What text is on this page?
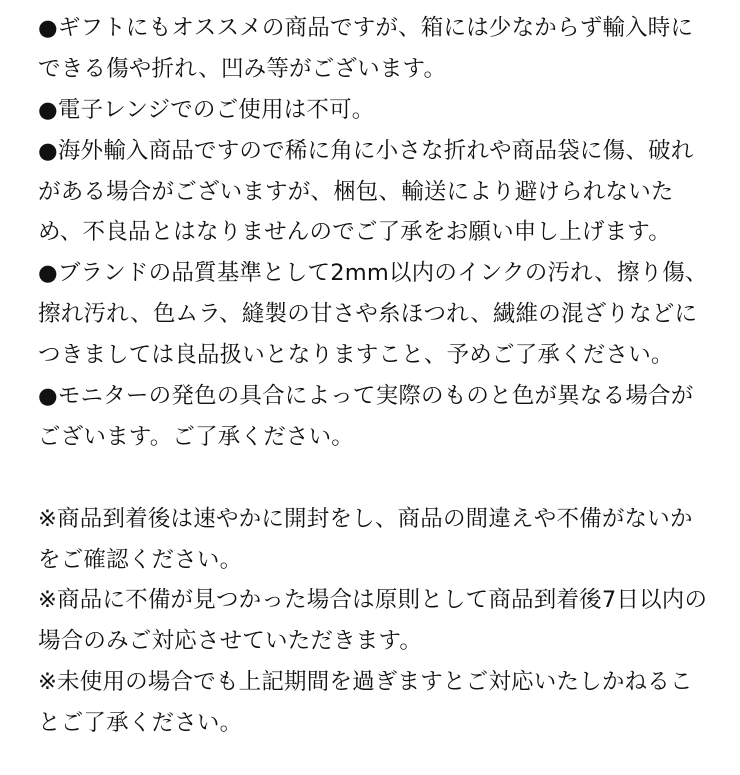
●ギフトにもオススメの商品ですが、箱には少なからず輸入時に
できる傷や折れ、凹み等がございます。
●電子レンジでのご使用は不可。
●海外輸入商品ですので稀に角に小さな折れや商品袋に傷、破れ
がある場合がございますが、梱包、輸送により避けられないた
め、不良品とはなりませんのでご了承をお願い申し上げます。
●ブランドの品質基準として2mm以内のインクの汚れ、擦り傷、
擦れ汚れ、色ムラ、縫製の甘さや糸ほつれ、繊維の混ざりなどに
つきましては良品扱いとなりますこと、予めご了承ください。
●モニターの発色の具合によって実際のものと色が異なる場合が
ございます。ご了承ください。
※商品到着後は速やかに開封をし、商品の間違えや不備がないか
をご確認ください。
※商品に不備が見つかった場合は原則として商品到着後7日以内の
場合のみご対応させていただきます。
※未使用の場合でも上記期間を過ぎますとご対応いたしかねるこ
とご了承ください。
